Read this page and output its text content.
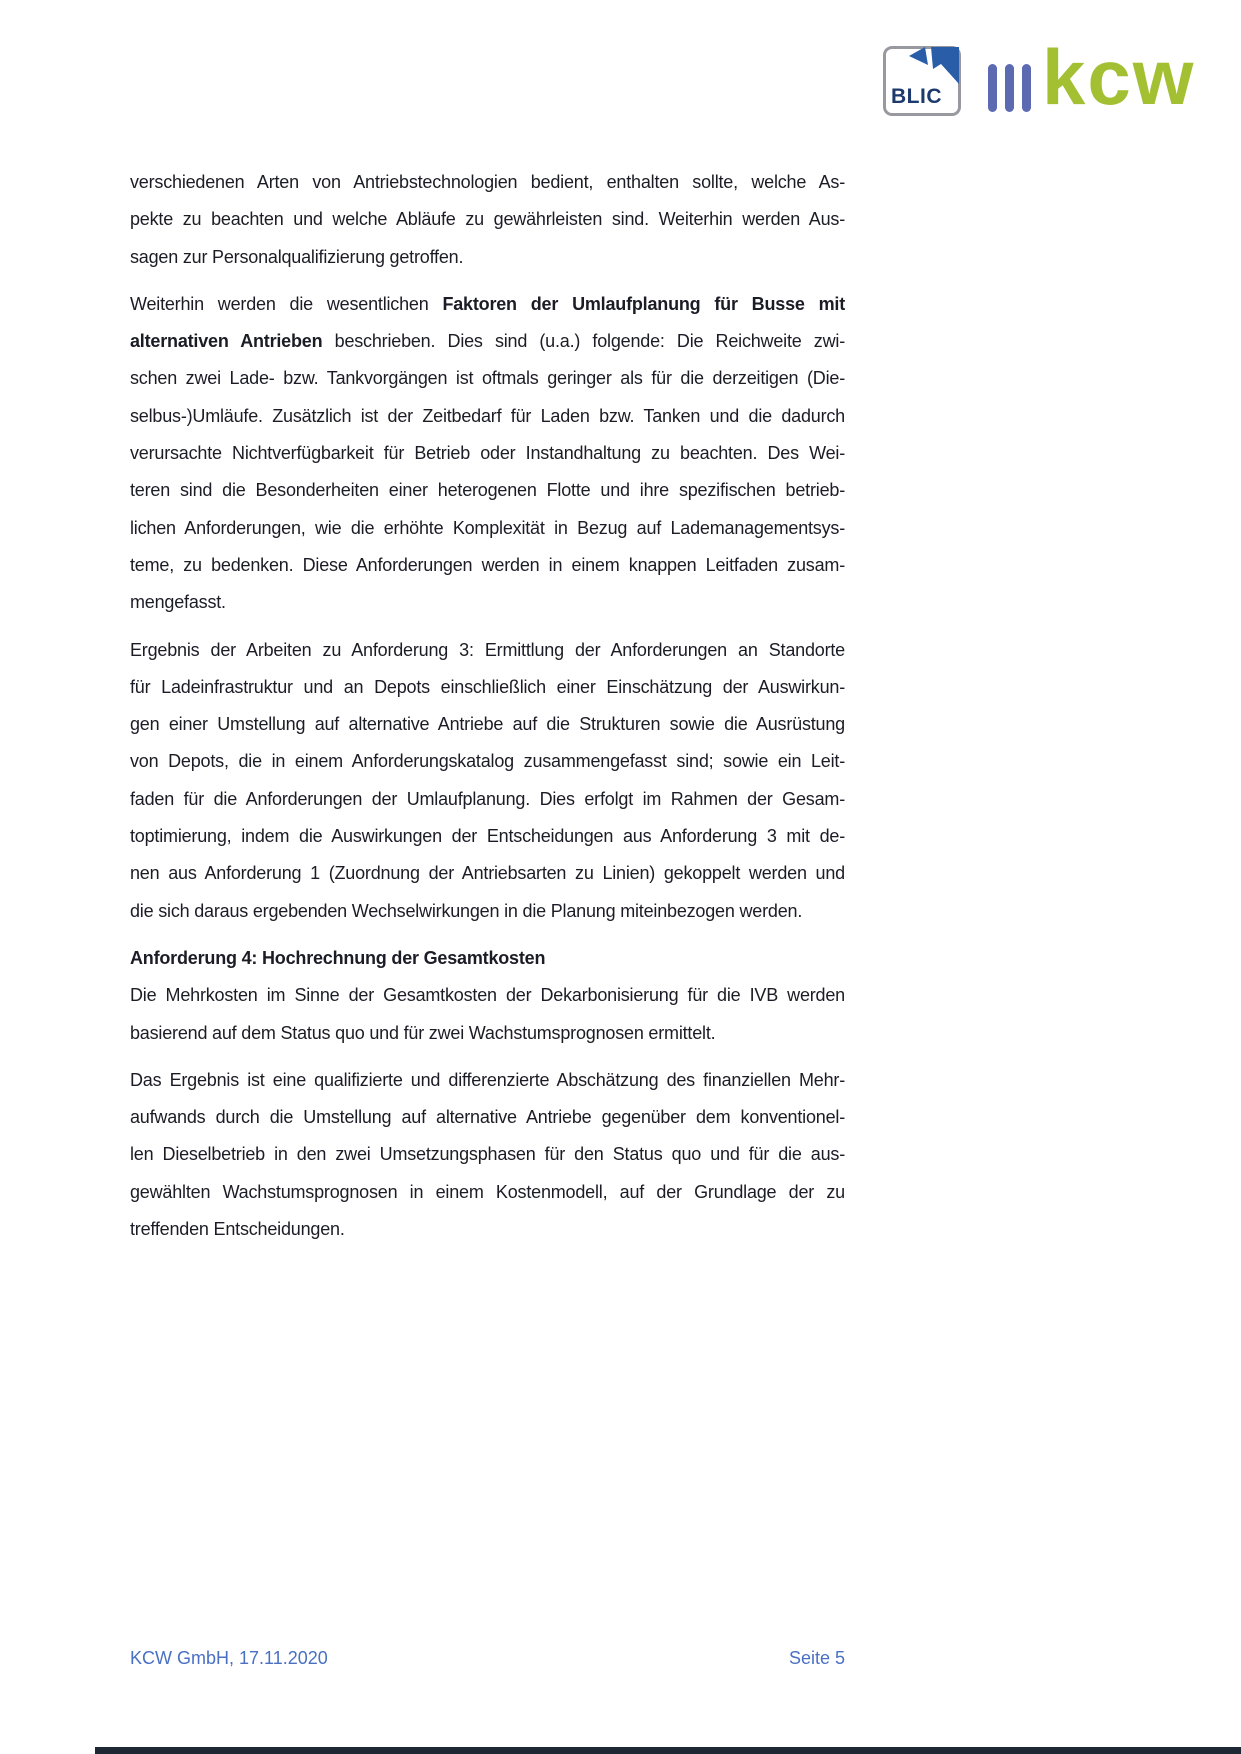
BLIC kcw
verschiedenen Arten von Antriebstechnologien bedient, enthalten sollte, welche As-
pekte zu beachten und welche Abläufe zu gewährleisten sind. Weiterhin werden Aus-
sagen zur Personalqualifizierung getroffen.
Weiterhin werden die wesentlichen Faktoren der Umlaufplanung für Busse mit
alternativen Antrieben beschrieben. Dies sind (u.a.) folgende: Die Reichweite zwi-
schen zwei Lade- bzw. Tankvorgängen ist oftmals geringer als für die derzeitigen (Die-
selbus-)Umläufe. Zusätzlich ist der Zeitbedarf für Laden bzw. Tanken und die dadurch
verursachte Nichtverfügbarkeit für Betrieb oder Instandhaltung zu beachten. Des Wei-
teren sind die Besonderheiten einer heterogenen Flotte und ihre spezifischen betrieb-
lichen Anforderungen, wie die erhöhte Komplexität in Bezug auf Lademanagementsys-
teme, zu bedenken. Diese Anforderungen werden in einem knappen Leitfaden zusam-
mengefasst.
Ergebnis der Arbeiten zu Anforderung 3: Ermittlung der Anforderungen an Standorte
für Ladeinfrastruktur und an Depots einschließlich einer Einschätzung der Auswirkun-
gen einer Umstellung auf alternative Antriebe auf die Strukturen sowie die Ausrüstung
von Depots, die in einem Anforderungskatalog zusammengefasst sind; sowie ein Leit-
faden für die Anforderungen der Umlaufplanung. Dies erfolgt im Rahmen der Gesam-
toptimierung, indem die Auswirkungen der Entscheidungen aus Anforderung 3 mit de-
nen aus Anforderung 1 (Zuordnung der Antriebsarten zu Linien) gekoppelt werden und
die sich daraus ergebenden Wechselwirkungen in die Planung miteinbezogen werden.
Anforderung 4: Hochrechnung der Gesamtkosten
Die Mehrkosten im Sinne der Gesamtkosten der Dekarbonisierung für die IVB werden
basierend auf dem Status quo und für zwei Wachstumsprognosen ermittelt.
Das Ergebnis ist eine qualifizierte und differenzierte Abschätzung des finanziellen Mehr-
aufwands durch die Umstellung auf alternative Antriebe gegenüber dem konventionel-
len Dieselbetrieb in den zwei Umsetzungsphasen für den Status quo und für die aus-
gewählten Wachstumsprognosen in einem Kostenmodell, auf der Grundlage der zu
treffenden Entscheidungen.
KCW GmbH, 17.11.2020	Seite 5
